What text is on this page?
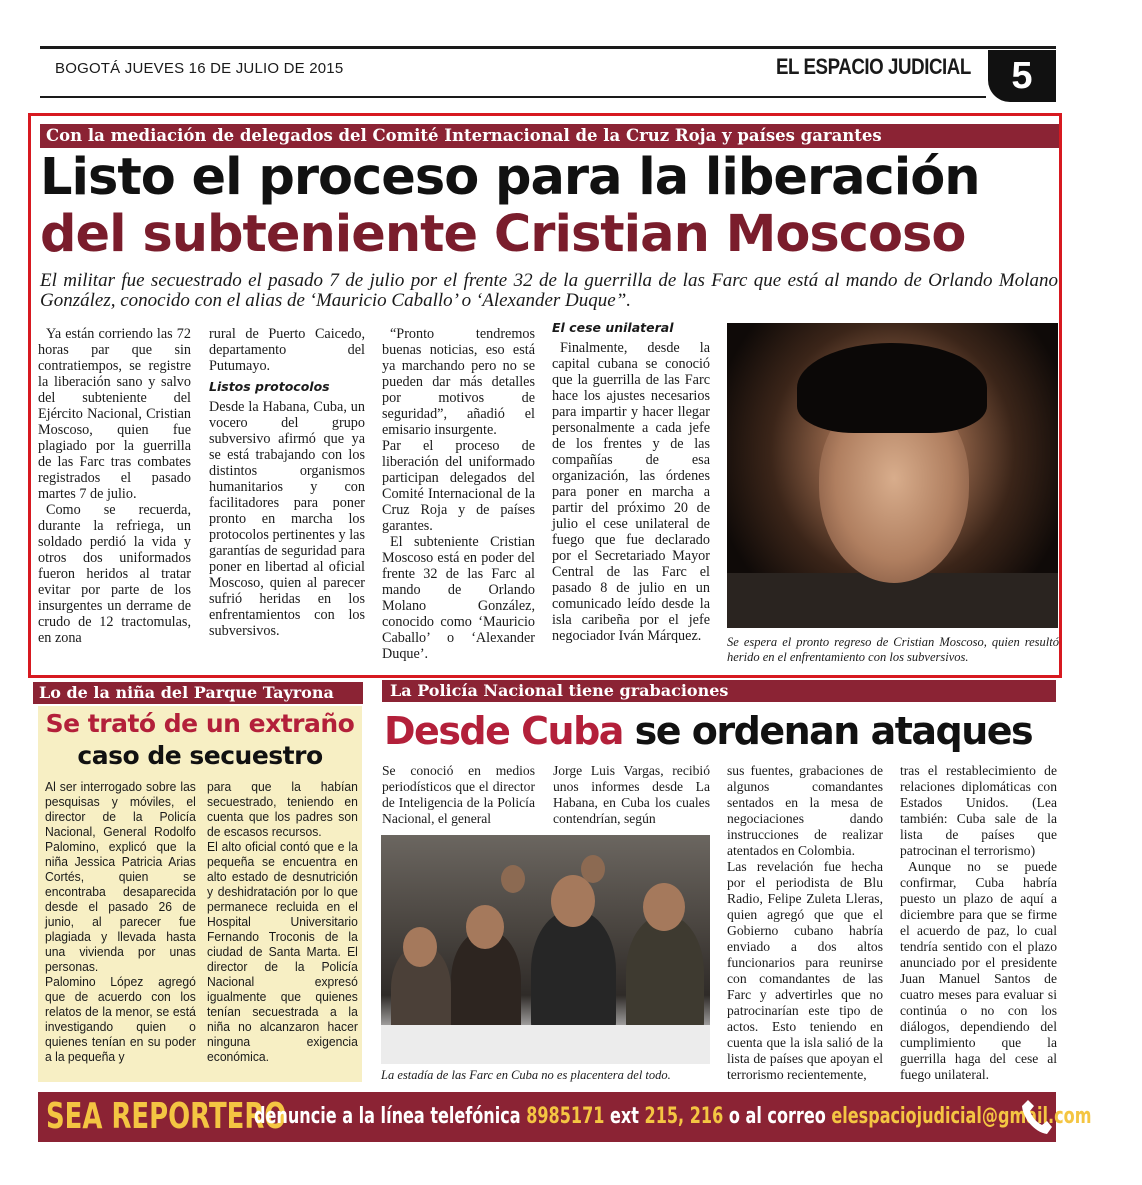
BOGOTÁ JUEVES 16 DE JULIO DE 2015	EL ESPACIO JUDICIAL	5
Con la mediación de delegados del Comité Internacional de la Cruz Roja y países garantes
Listo el proceso para la liberación
del subteniente Cristian Moscoso
El militar fue secuestrado el pasado 7 de julio por el frente 32 de la guerrilla de las Farc que está al mando de Orlando Molano González, conocido con el alias de ‘Mauricio Caballo’ o ‘Alexander Duque”.

Ya están corriendo las 72 horas par que sin contratiempos, se registre la liberación sano y salvo del subteniente del Ejército Nacional, Cristian Moscoso, quien fue plagiado por la guerrilla de las Farc tras combates registrados el pasado martes 7 de julio.

Como se recuerda, durante la refriega, un soldado perdió la vida y otros dos uniformados fueron heridos al tratar evitar por parte de los insurgentes un derrame de crudo de 12 tractomulas, en zona

rural de Puerto Caicedo, departamento del Putumayo.

Listos protocolos

Desde la Habana, Cuba, un vocero del grupo subversivo afirmó que ya se está trabajando con los distintos organismos humanitarios y con facilitadores para poner pronto en marcha los protocolos pertinentes y las garantías de seguridad para poner en libertad al oficial Moscoso, quien al parecer sufrió heridas en los enfrentamientos con los subversivos.

“Pronto tendremos buenas noticias, eso está ya marchando pero no se pueden dar más detalles por motivos de seguridad”, añadió el emisario insurgente.

Par el proceso de liberación del uniformado participan delegados del Comité Internacional de la Cruz Roja y de países garantes.

El subteniente Cristian Moscoso está en poder del frente 32 de las Farc al mando de Orlando Molano González, conocido como ‘Mauricio Caballo’ o ‘Alexander Duque’.

El cese unilateral

Finalmente, desde la capital cubana se conoció que la guerrilla de las Farc hace los ajustes necesarios para impartir y hacer llegar personalmente a cada jefe de los frentes y de las compañías de esa organización, las órdenes para poner en marcha a partir del próximo 20 de julio el cese unilateral de fuego que fue declarado por el Secretariado Mayor Central de las Farc el pasado 8 de julio en un comunicado leído desde la isla caribeña por el jefe negociador Iván Márquez.	Se espera el pronto regreso de Cristian Moscoso, quien resultó herido en el enfrentamiento con los subversivos.
Lo de la niña del Parque Tayrona
Se trató de un extraño
caso de secuestro

Al ser interrogado sobre las pesquisas y móviles, el director de la Policía Nacional, General Rodolfo Palomino, explicó que la niña Jessica Patricia Arias Cortés, quien se encontraba desaparecida desde el pasado 26 de junio, al parecer fue plagiada y llevada hasta una vivienda por unas personas.

Palomino López agregó que de acuerdo con los relatos de la menor, se está investigando quien o quienes tenían en su poder a la pequeña y

para que la habían secuestrado, teniendo en cuenta que los padres son de escasos recursos.

El alto oficial contó que e la pequeña se encuentra en alto estado de desnutrición y deshidratación por lo que permanece recluida en el Hospital Universitario Fernando Troconis de la ciudad de Santa Marta. El director de la Policía Nacional expresó igualmente que quienes tenían secuestrada a la niña no alcanzaron hacer ninguna exigencia económica.

La Policía Nacional tiene grabaciones
Desde Cuba se ordenan ataques

Se conoció en medios periodísticos que el director de Inteligencia de la Policía Nacional, el general

Jorge Luis Vargas, recibió unos informes desde La Habana, en Cuba los cuales contendrían, según

sus fuentes, grabaciones de algunos comandantes sentados en la mesa de negociaciones dando instrucciones de realizar atentados en Colombia.

Las revelación fue hecha por el periodista de Blu Radio, Felipe Zuleta Lleras, quien agregó que que el Gobierno cubano habría enviado a dos altos funcionarios para reunirse con comandantes de las Farc y advertirles que no patrocinarían este tipo de actos. Esto teniendo en cuenta que la isla salió de la lista de países que apoyan el terrorismo recientemente,

tras el restablecimiento de relaciones diplomáticas con Estados Unidos. (Lea también: Cuba sale de la lista de países que patrocinan el terrorismo)

Aunque no se puede confirmar, Cuba habría puesto un plazo de aquí a diciembre para que se firme el acuerdo de paz, lo cual tendría sentido con el plazo anunciado por el presidente Juan Manuel Santos de cuatro meses para evaluar si continúa o no con los diálogos, dependiendo del cumplimiento que la guerrilla haga del cese al fuego unilateral.

La estadía de las Farc en Cuba no es placentera del todo.
SEA REPORTERO
denuncie a la línea telefónica 8985171 ext 215, 216 o al correo elespaciojudicial@gmail.com
